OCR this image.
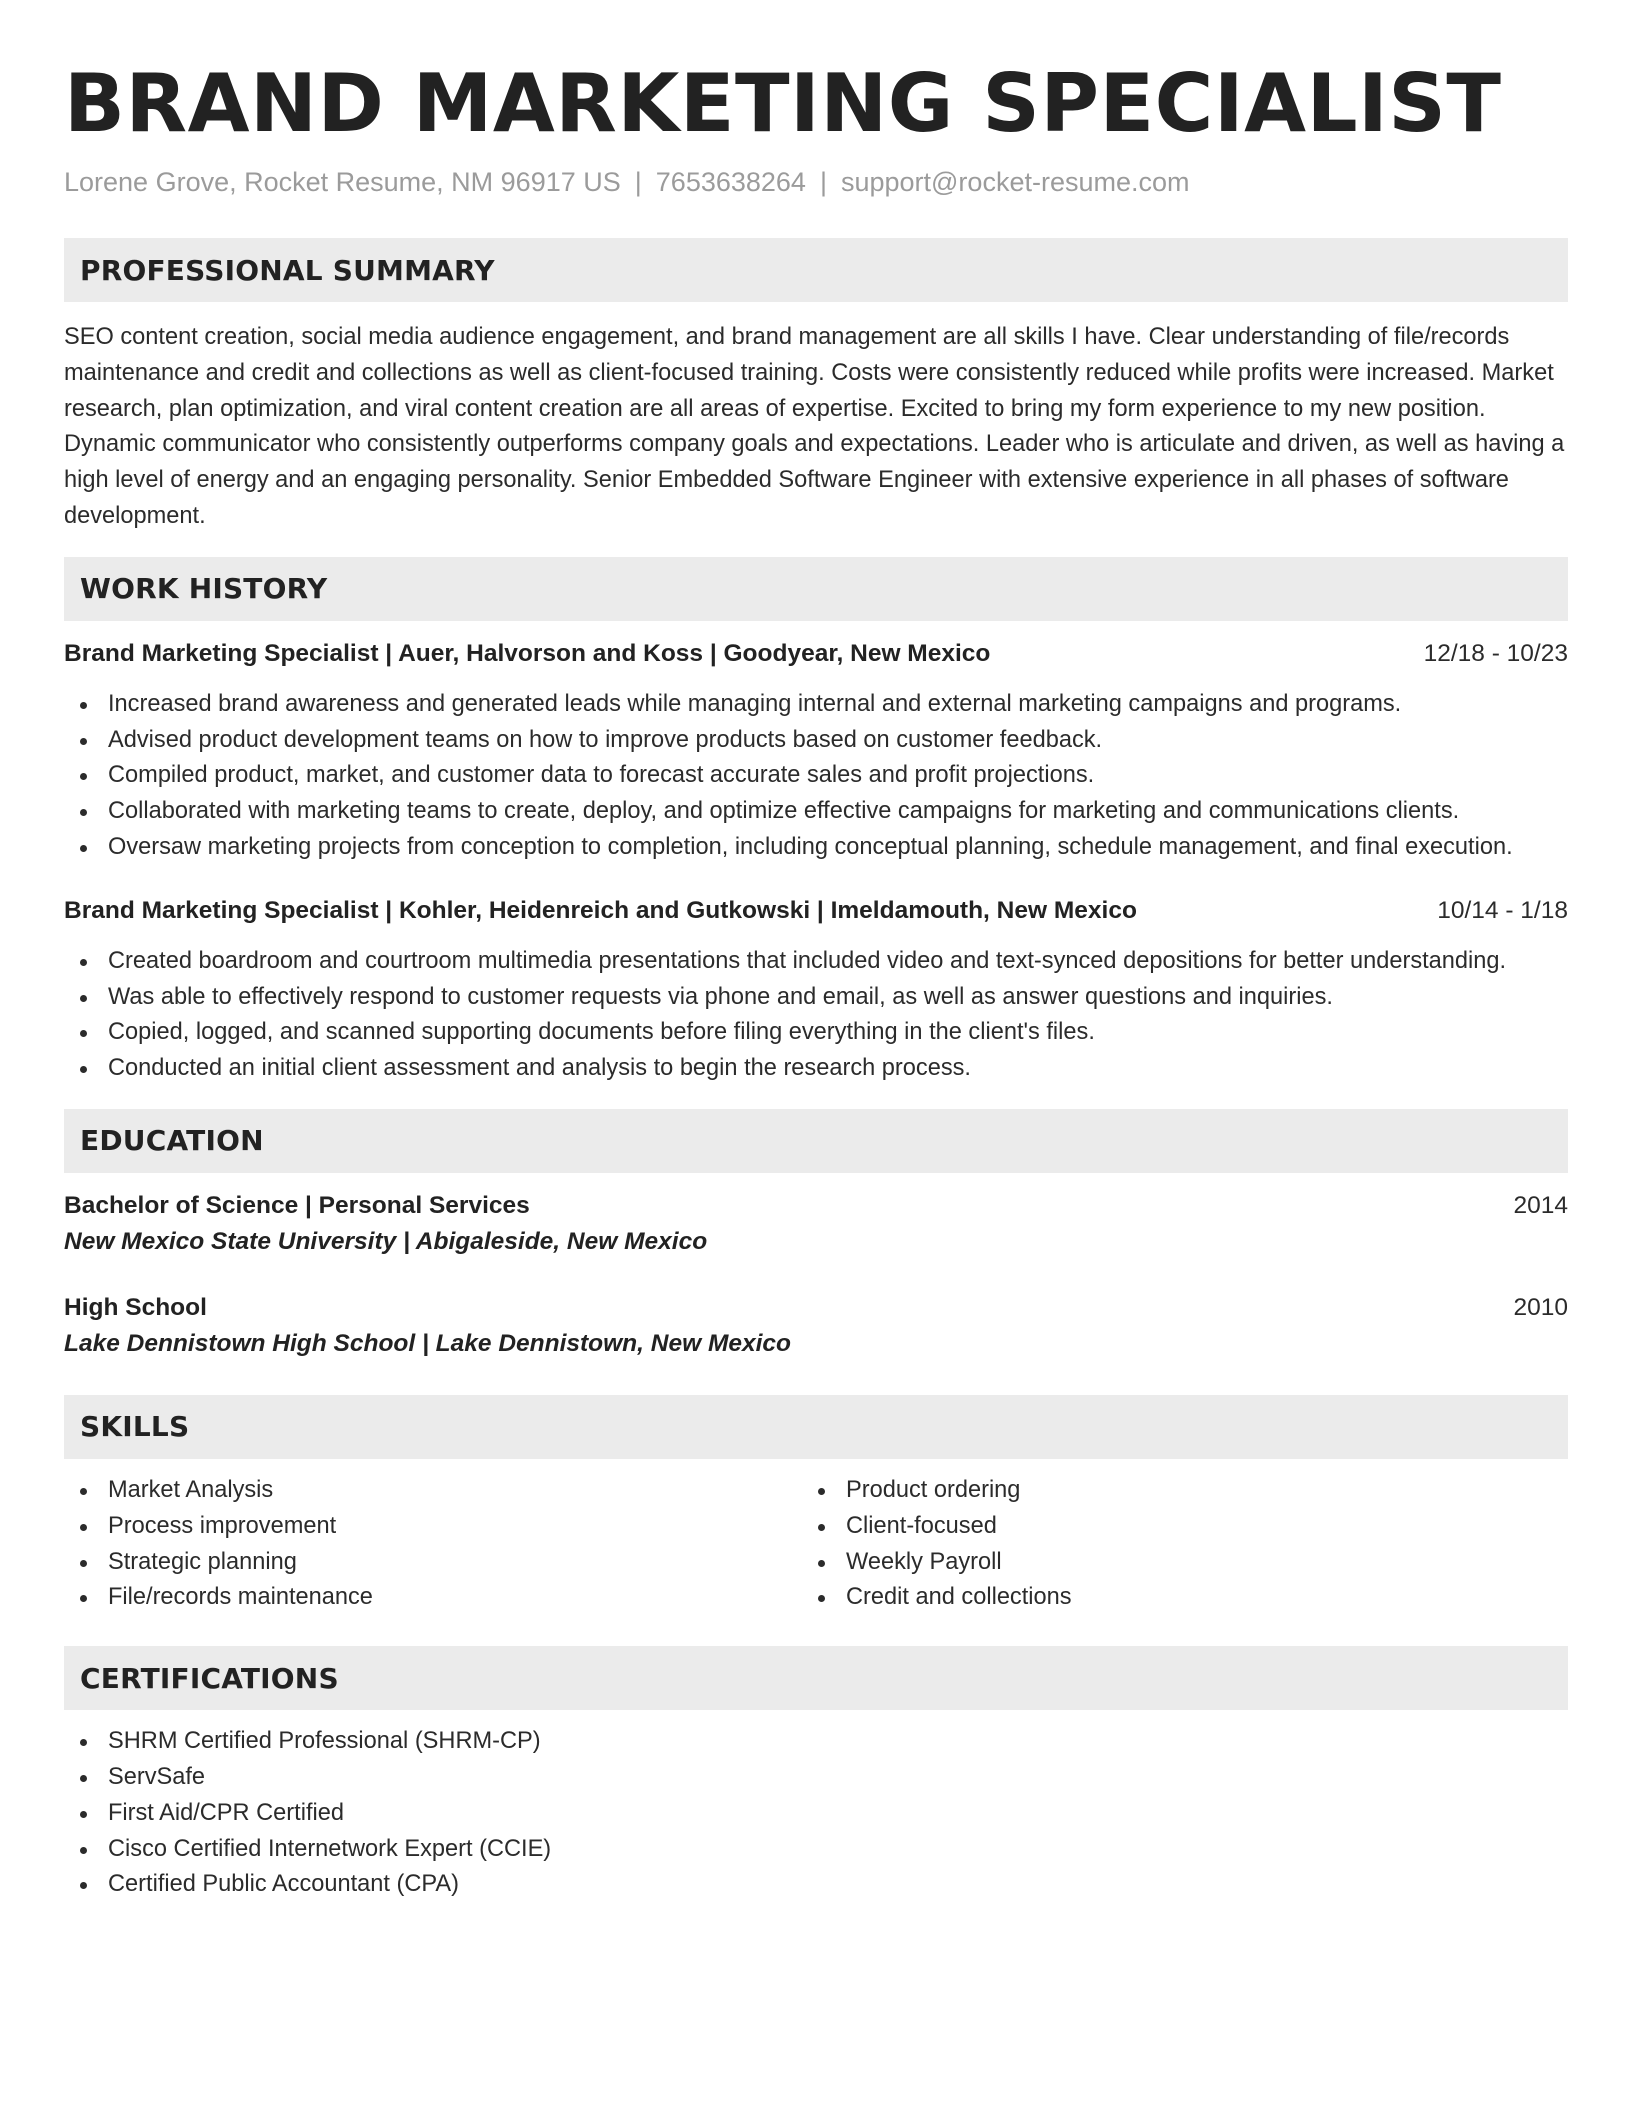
BRAND MARKETING SPECIALIST
Lorene Grove, Rocket Resume, NM 96917 US | 7653638264 | support@rocket-resume.com
PROFESSIONAL SUMMARY
SEO content creation, social media audience engagement, and brand management are all skills I have. Clear understanding of file/records maintenance and credit and collections as well as client-focused training. Costs were consistently reduced while profits were increased. Market research, plan optimization, and viral content creation are all areas of expertise. Excited to bring my form experience to my new position. Dynamic communicator who consistently outperforms company goals and expectations. Leader who is articulate and driven, as well as having a high level of energy and an engaging personality. Senior Embedded Software Engineer with extensive experience in all phases of software development.
WORK HISTORY
Brand Marketing Specialist | Auer, Halvorson and Koss | Goodyear, New Mexico	12/18 - 10/23
Increased brand awareness and generated leads while managing internal and external marketing campaigns and programs.
Advised product development teams on how to improve products based on customer feedback.
Compiled product, market, and customer data to forecast accurate sales and profit projections.
Collaborated with marketing teams to create, deploy, and optimize effective campaigns for marketing and communications clients.
Oversaw marketing projects from conception to completion, including conceptual planning, schedule management, and final execution.
Brand Marketing Specialist | Kohler, Heidenreich and Gutkowski | Imeldamouth, New Mexico	10/14 - 1/18
Created boardroom and courtroom multimedia presentations that included video and text-synced depositions for better understanding.
Was able to effectively respond to customer requests via phone and email, as well as answer questions and inquiries.
Copied, logged, and scanned supporting documents before filing everything in the client's files.
Conducted an initial client assessment and analysis to begin the research process.
EDUCATION
Bachelor of Science | Personal Services	2014
New Mexico State University | Abigaleside, New Mexico
High School	2010
Lake Dennistown High School | Lake Dennistown, New Mexico
SKILLS
Market Analysis
Process improvement
Strategic planning
File/records maintenance
Product ordering
Client-focused
Weekly Payroll
Credit and collections
CERTIFICATIONS
SHRM Certified Professional (SHRM-CP)
ServSafe
First Aid/CPR Certified
Cisco Certified Internetwork Expert (CCIE)
Certified Public Accountant (CPA)
